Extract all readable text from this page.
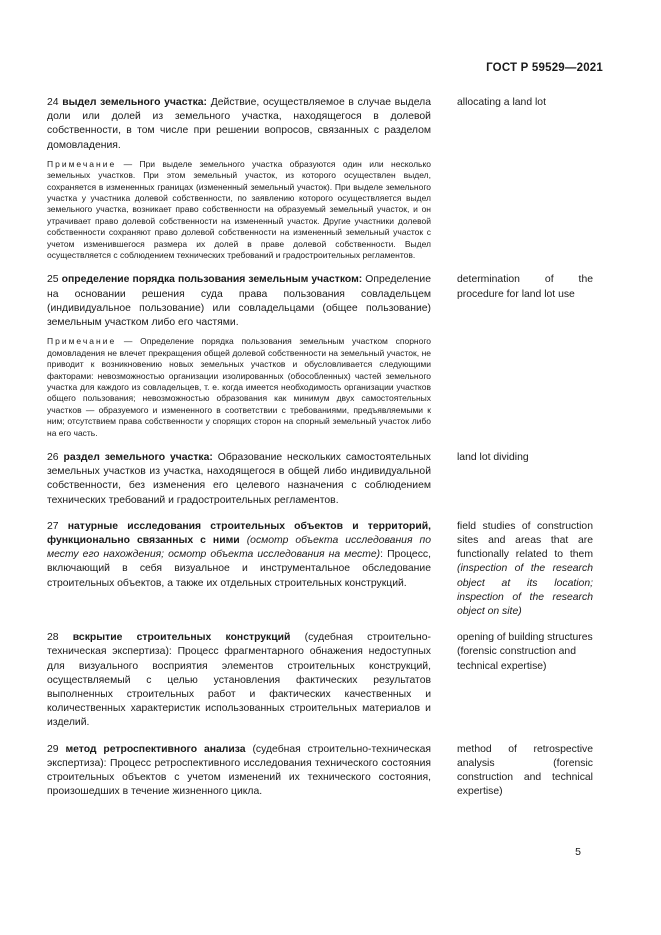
ГОСТ Р 59529—2021

24 выдел земельного участка: Действие, осуществляемое в случае выдела доли или долей из земельного участка, находящегося в долевой собственности, в том числе при решении вопросов, связанных с разделом домовладения.

Примечание — При выделе земельного участка образуются один или несколько земельных участков. При этом земельный участок, из которого осуществлен выдел, сохраняется в измененных границах (измененный земельный участок). При выделе земельного участка у участника долевой собственности, по заявлению которого осуществляется выдел земельного участка, возникает право собственности на образуемый земельный участок, и он утрачивает право долевой собственности на измененный участок. Другие участники долевой собственности сохраняют право долевой собственности на измененный земельный участок с учетом изменившегося размера их долей в праве долевой собственности. Выдел осуществляется с соблюдением технических требований и градостроительных регламентов.

allocating a land lot

25 определение порядка пользования земельным участком: Определение на основании решения суда права пользования совладельцем (индивидуальное пользование) или совладельцами (общее пользование) земельным участком либо его частями.

Примечание — Определение порядка пользования земельным участком спорного домовладения не влечет прекращения общей долевой собственности на земельный участок, не приводит к возникновению новых земельных участков и обусловливается следующими факторами: невозможностью организации изолированных (обособленных) частей земельного участка для каждого из совладельцев, т. е. когда имеется необходимость организации участков общего пользования; невозможностью образования как минимум двух самостоятельных участков — образуемого и измененного в соответствии с требованиями, предъявляемыми к ним; отсутствием права собственности у спорящих сторон на спорный земельный участок либо на его часть.

determination of the procedure for land lot use

26 раздел земельного участка: Образование нескольких самостоятельных земельных участков из участка, находящегося в общей либо индивидуальной собственности, без изменения его целевого назначения с соблюдением технических требований и градостроительных регламентов.

land lot dividing

27 натурные исследования строительных объектов и территорий, функционально связанных с ними (осмотр объекта исследования по месту его нахождения; осмотр объекта исследования на месте): Процесс, включающий в себя визуальное и инструментальное обследование строительных объектов, а также их отдельных строительных конструкций.

field studies of construction sites and areas that are functionally related to them (inspection of the research object at its location; inspection of the research object on site)

28 вскрытие строительных конструкций (судебная строительно-техническая экспертиза): Процесс фрагментарного обнажения недоступных для визуального восприятия элементов строительных конструкций, осуществляемый с целью установления фактических результатов выполненных строительных работ и фактических качественных и количественных характеристик использованных строительных материалов и изделий.

opening of building structures (forensic construction and technical expertise)

29 метод ретроспективного анализа (судебная строительно-техническая экспертиза): Процесс ретроспективного исследования технического состояния строительных объектов с учетом изменений их технического состояния, произошедших в течение жизненного цикла.

method of retrospective analysis (forensic construction and technical expertise)
5
